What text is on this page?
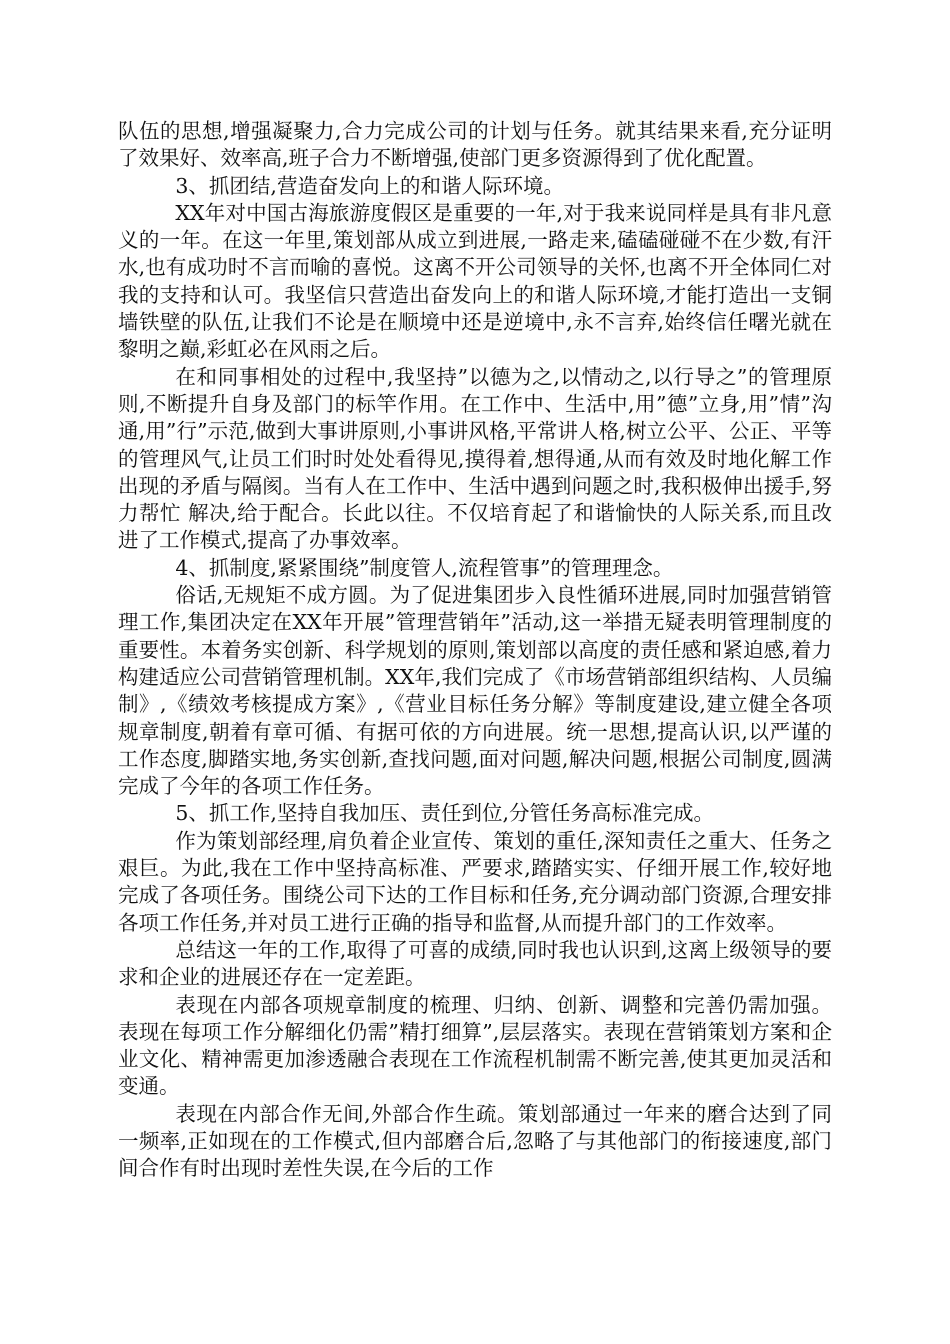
队伍的思想,增强凝聚力,合力完成公司的计划与任务。就其结果来看,充分证明了效果好、效率高,班子合力不断增强,使部门更多资源得到了优化配置。

3、抓团结,营造奋发向上的和谐人际环境。

XX年对中国古海旅游度假区是重要的一年,对于我来说同样是具有非凡意义的一年。在这一年里,策划部从成立到进展,一路走来,磕磕碰碰不在少数,有汗水,也有成功时不言而喻的喜悦。这离不开公司领导的关怀,也离不开全体同仁对我的支持和认可。我坚信只营造出奋发向上的和谐人际环境,才能打造出一支铜墙铁壁的队伍,让我们不论是在顺境中还是逆境中,永不言弃,始终信任曙光就在黎明之巅,彩虹必在风雨之后。

在和同事相处的过程中,我坚持”以德为之,以情动之,以行导之”的管理原则,不断提升自身及部门的标竿作用。在工作中、生活中,用”德”立身,用”情”沟通,用”行”示范,做到大事讲原则,小事讲风格,平常讲人格,树立公平、公正、平等的管理风气,让员工们时时处处看得见,摸得着,想得通,从而有效及时地化解工作出现的矛盾与隔阂。当有人在工作中、生活中遇到问题之时,我积极伸出援手,努力帮忙 解决,给于配合。长此以往。不仅培育起了和谐愉快的人际关系,而且改进了工作模式,提高了办事效率。

4、抓制度,紧紧围绕”制度管人,流程管事”的管理理念。

俗话,无规矩不成方圆。为了促进集团步入良性循环进展,同时加强营销管理工作,集团决定在XX年开展”管理营销年”活动,这一举措无疑表明管理制度的重要性。本着务实创新、科学规划的原则,策划部以高度的责任感和紧迫感,着力构建适应公司营销管理机制。XX年,我们完成了《市场营销部组织结构、人员编制》,《绩效考核提成方案》,《营业目标任务分解》等制度建设,建立健全各项规章制度,朝着有章可循、有据可依的方向进展。统一思想,提高认识,以严谨的工作态度,脚踏实地,务实创新,查找问题,面对问题,解决问题,根据公司制度,圆满完成了今年的各项工作任务。

5、抓工作,坚持自我加压、责任到位,分管任务高标准完成。

作为策划部经理,肩负着企业宣传、策划的重任,深知责任之重大、任务之艰巨。为此,我在工作中坚持高标准、严要求,踏踏实实、仔细开展工作,较好地完成了各项任务。围绕公司下达的工作目标和任务,充分调动部门资源,合理安排各项工作任务,并对员工进行正确的指导和监督,从而提升部门的工作效率。

总结这一年的工作,取得了可喜的成绩,同时我也认识到,这离上级领导的要求和企业的进展还存在一定差距。

表现在内部各项规章制度的梳理、归纳、创新、调整和完善仍需加强。 表现在每项工作分解细化仍需”精打细算”,层层落实。表现在营销策划方案和企业文化、精神需更加渗透融合表现在工作流程机制需不断完善,使其更加灵活和变通。

表现在内部合作无间,外部合作生疏。策划部通过一年来的磨合达到了同一频率,正如现在的工作模式,但内部磨合后,忽略了与其他部门的衔接速度,部门间合作有时出现时差性失误,在今后的工作
